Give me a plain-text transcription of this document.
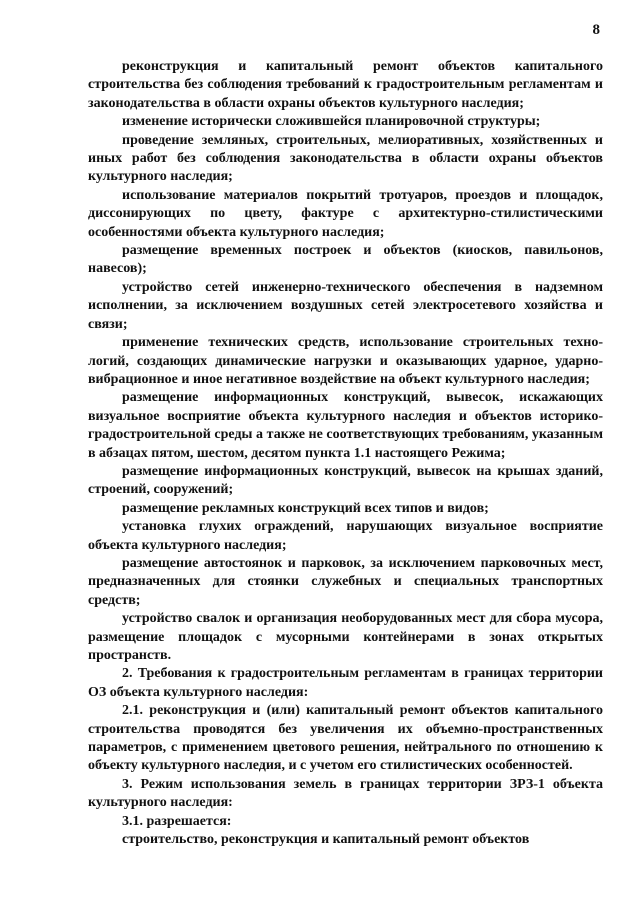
8

реконструкция и капитальный ремонт объектов капитального строительства без соблюдения требований к градостроительным регламентам и законодательства в области охраны объектов культурного наследия;

изменение исторически сложившейся планировочной структуры;

проведение земляных, строительных, мелиоративных, хозяйственных и иных работ без соблюдения законодательства в области охраны объектов культурного наследия;

использование материалов покрытий тротуаров, проездов и площадок, диссонирующих по цвету, фактуре с архитектурно-стилистическими особенностями объекта культурного наследия;

размещение временных построек и объектов (киосков, павильонов, навесов);

устройство сетей инженерно-технического обеспечения в надземном исполнении, за исключением воздушных сетей электросетевого хозяйства и связи;

применение технических средств, использование строительных технологий, создающих динамические нагрузки и оказывающих ударное, ударновибрационное и иное негативное воздействие на объект культурного наследия;

размещение информационных конструкций, вывесок, искажающих визуальное восприятие объекта культурного наследия и объектов историко-градостроительной среды а также не соответствующих требованиям, указанным в абзацах пятом, шестом, десятом пункта 1.1 настоящего Режима;

размещение информационных конструкций, вывесок на крышах зданий, строений, сооружений;

размещение рекламных конструкций всех типов и видов;

установка глухих ограждений, нарушающих визуальное восприятие объекта культурного наследия;

размещение автостоянок и парковок, за исключением парковочных мест, предназначенных для стоянки служебных и специальных транспортных средств;

устройство свалок и организация необорудованных мест для сбора мусора, размещение площадок с мусорными контейнерами в зонах открытых пространств.

2. Требования к градостроительным регламентам в границах территории ОЗ объекта культурного наследия:

2.1. реконструкция и (или) капитальный ремонт объектов капитального строительства проводятся без увеличения их объемно-пространственных параметров, с применением цветового решения, нейтрального по отношению к объекту культурного наследия, и с учетом его стилистических особенностей.

3. Режим использования земель в границах территории ЗРЗ-1 объекта культурного наследия:

3.1. разрешается:

строительство, реконструкция и капитальный ремонт объектов
